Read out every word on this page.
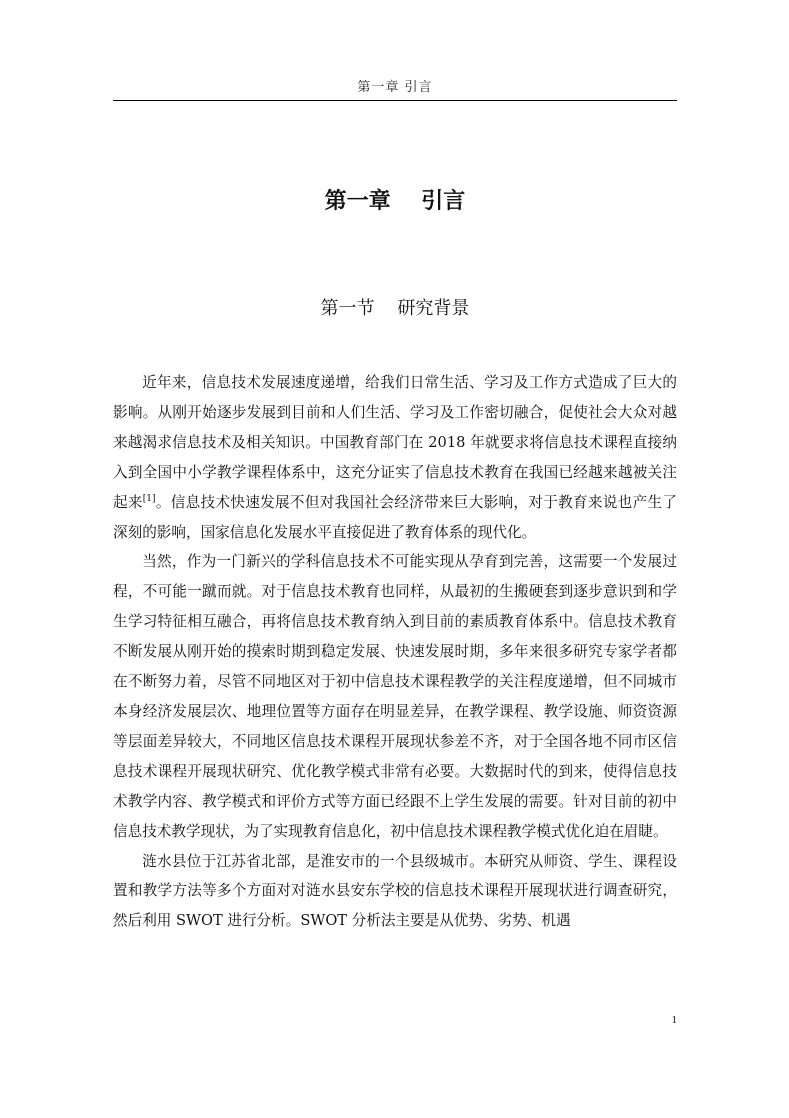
第一章 引言
第一章    引言
第一节    研究背景

近年来，信息技术发展速度递增，给我们日常生活、学习及工作方式造成了巨大的影响。从刚开始逐步发展到目前和人们生活、学习及工作密切融合，促使社会大众对越来越渴求信息技术及相关知识。中国教育部门在 2018 年就要求将信息技术课程直接纳入到全国中小学教学课程体系中，这充分证实了信息技术教育在我国已经越来越被关注起来[1]。信息技术快速发展不但对我国社会经济带来巨大影响，对于教育来说也产生了深刻的影响，国家信息化发展水平直接促进了教育体系的现代化。

当然，作为一门新兴的学科信息技术不可能实现从孕育到完善，这需要一个发展过程，不可能一蹴而就。对于信息技术教育也同样，从最初的生搬硬套到逐步意识到和学生学习特征相互融合，再将信息技术教育纳入到目前的素质教育体系中。信息技术教育不断发展从刚开始的摸索时期到稳定发展、快速发展时期，多年来很多研究专家学者都在不断努力着，尽管不同地区对于初中信息技术课程教学的关注程度递增，但不同城市本身经济发展层次、地理位置等方面存在明显差异，在教学课程、教学设施、师资资源等层面差异较大，不同地区信息技术课程开展现状参差不齐，对于全国各地不同市区信息技术课程开展现状研究、优化教学模式非常有必要。大数据时代的到来，使得信息技术教学内容、教学模式和评价方式等方面已经跟不上学生发展的需要。针对目前的初中信息技术教学现状，为了实现教育信息化，初中信息技术课程教学模式优化迫在眉睫。

涟水县位于江苏省北部，是淮安市的一个县级城市。本研究从师资、学生、课程设置和教学方法等多个方面对对涟水县安东学校的信息技术课程开展现状进行调查研究，然后利用 SWOT 进行分析。SWOT 分析法主要是从优势、劣势、机遇

1
